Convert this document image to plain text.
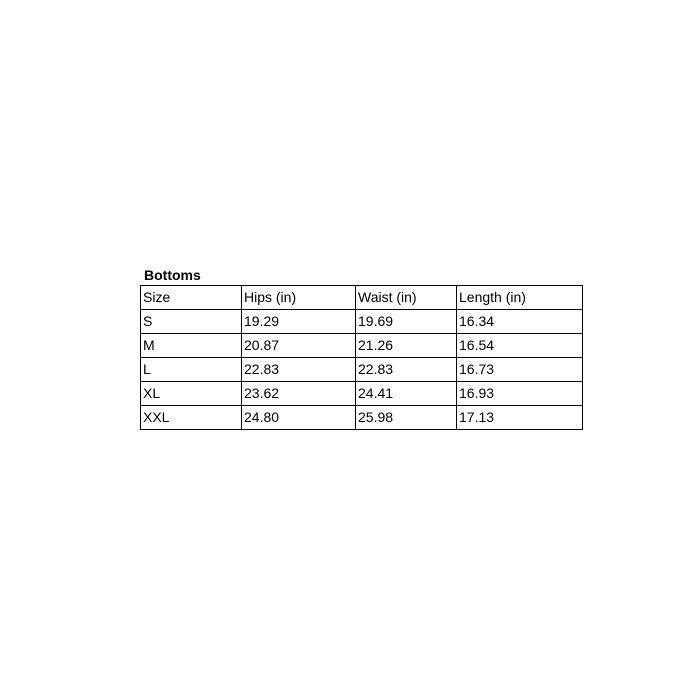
Bottoms
Size	Hips (in)	Waist (in)	Length (in)
S	19.29	19.69	16.34
M	20.87	21.26	16.54
L	22.83	22.83	16.73
XL	23.62	24.41	16.93
XXL	24.80	25.98	17.13
